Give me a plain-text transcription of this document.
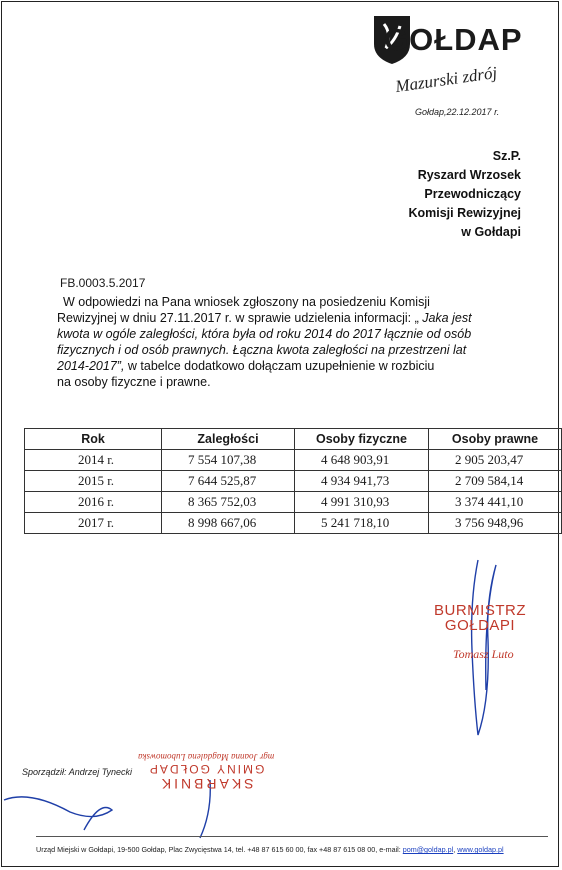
GOŁDAP
Mazurski zdrój
Gołdap,22.12.2017 r.
Sz.P.
Ryszard Wrzosek
Przewodniczący
Komisji Rewizyjnej
w Gołdapi
FB.0003.5.2017
W odpowiedzi na Pana wniosek zgłoszony na posiedzeniu Komisji
Rewizyjnej w dniu 27.11.2017 r. w sprawie udzielenia informacji: „ Jaka jest
kwota w ogóle zaległości, która była od roku 2014 do 2017 łącznie od osób
fizycznych i od osób prawnych. Łączna kwota zaległości na przestrzeni lat
2014-2017”, w tabelce dodatkowo dołączam uzupełnienie w rozbiciu
na osoby fizyczne i prawne.
Rok	Zaległości	Osoby fizyczne	Osoby prawne
2014 r.	7 554 107,38	4 648 903,91	2 905 203,47
2015 r.	7 644 525,87	4 934 941,73	2 709 584,14
2016 r.	8 365 752,03	4 991 310,93	3 374 441,10
2017 r.	8 998 667,06	5 241 718,10	3 756 948,96
BURMISTRZ
GOŁDAPI
Tomasz Luto
Sporządził: Andrzej Tynecki
SKARBNIK
GMINY GOŁDAP
mgr Joanna Magdalena Lubomowska
Urząd Miejski w Gołdapi, 19-500 Gołdap, Plac Zwycięstwa 14, tel. +48 87 615 60 00, fax +48 87 615 08 00, e-mail: pom@goldap.pl, www.goldap.pl
